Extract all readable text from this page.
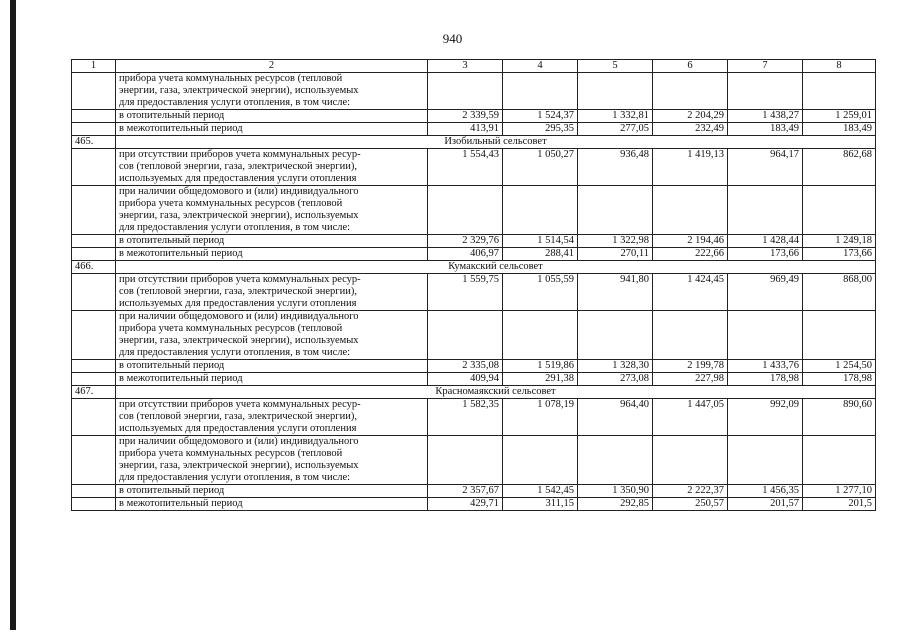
940
1	2	3	4	5	6	7	8

	прибора учета коммунальных ресурсов (тепловой
энергии, газа, электрической энергии), используемых
для предоставления услуги отопления, в том числе:						

	в отопительный период	2 339,59	1 524,37	1 332,81	2 204,29	1 438,27	1 259,01

	в межотопительный период	413,91	295,35	277,05	232,49	183,49	183,49
465.	Изобильный сельсовет						

	при отсутствии приборов учета коммунальных ресур-
сов (тепловой энергии, газа, электрической энергии),
используемых для предоставления услуги отопления	1 554,43	1 050,27	936,48	1 419,13	964,17	862,68

	при наличии общедомового и (или) индивидуального
прибора учета коммунальных ресурсов (тепловой
энергии, газа, электрической энергии), используемых
для предоставления услуги отопления, в том числе:						

	в отопительный период	2 329,76	1 514,54	1 322,98	2 194,46	1 428,44	1 249,18

	в межотопительный период	406,97	288,41	270,11	222,66	173,66	173,66
466.	Кумакский сельсовет						

	при отсутствии приборов учета коммунальных ресур-
сов (тепловой энергии, газа, электрической энергии),
используемых для предоставления услуги отопления	1 559,75	1 055,59	941,80	1 424,45	969,49	868,00

	при наличии общедомового и (или) индивидуального
прибора учета коммунальных ресурсов (тепловой
энергии, газа, электрической энергии), используемых
для предоставления услуги отопления, в том числе:						

	в отопительный период	2 335,08	1 519,86	1 328,30	2 199,78	1 433,76	1 254,50

	в межотопительный период	409,94	291,38	273,08	227,98	178,98	178,98
467.	Красномаякский сельсовет						

	при отсутствии приборов учета коммунальных ресур-
сов (тепловой энергии, газа, электрической энергии),
используемых для предоставления услуги отопления	1 582,35	1 078,19	964,40	1 447,05	992,09	890,60

	при наличии общедомового и (или) индивидуального
прибора учета коммунальных ресурсов (тепловой
энергии, газа, электрической энергии), используемых
для предоставления услуги отопления, в том числе:						

	в отопительный период	2 357,67	1 542,45	1 350,90	2 222,37	1 456,35	1 277,10

	в межотопительный период	429,71	311,15	292,85	250,57	201,57	201,5
